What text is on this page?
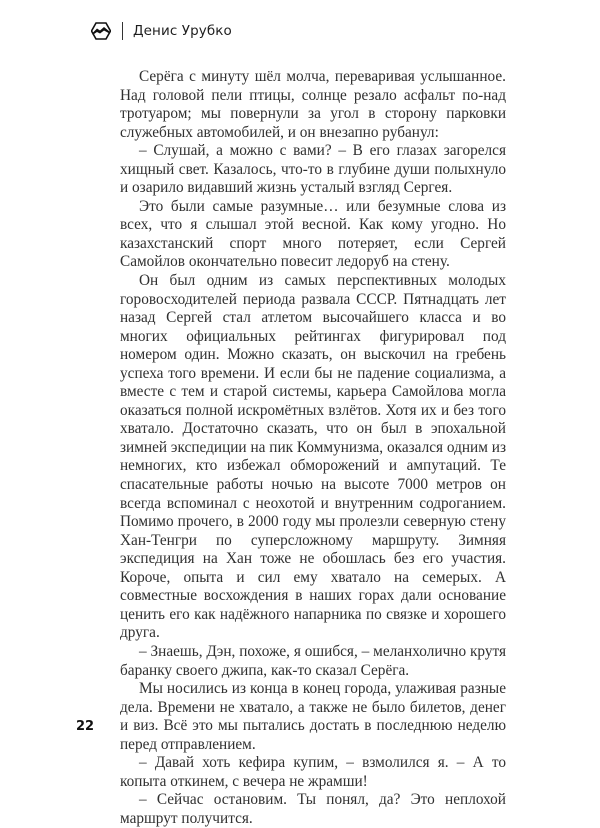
Денис Урубко

Серёга с минуту шёл молча, переваривая услышанное. Над головой пели птицы, солнце резало асфальт по-над тротуаром; мы повернули за угол в сторону парковки служебных автомобилей, и он внезапно рубанул:

– Слушай, а можно с вами? – В его глазах загорелся хищный свет. Казалось, что-то в глубине души полыхнуло и озарило видавший жизнь усталый взгляд Сергея.

Это были самые разумные… или безумные слова из всех, что я слышал этой весной. Как кому угодно. Но казахстанский спорт много потеряет, если Сергей Самойлов окончательно повесит ледоруб на стену.

Он был одним из самых перспективных молодых горовосходителей периода развала СССР. Пятнадцать лет назад Сергей стал атлетом высочайшего класса и во многих официальных рейтингах фигурировал под номером один. Можно сказать, он выскочил на гребень успеха того времени. И если бы не падение социализма, а вместе с тем и старой системы, карьера Самойлова могла оказаться полной искромётных взлётов. Хотя их и без того хватало. Достаточно сказать, что он был в эпохальной зимней экспедиции на пик Коммунизма, оказался одним из немногих, кто избежал обморожений и ампутаций. Те спасательные работы ночью на высоте 7000 метров он всегда вспоминал с неохотой и внутренним содроганием. Помимо прочего, в 2000 году мы пролезли северную стену Хан-Тенгри по суперсложному маршруту. Зимняя экспедиция на Хан тоже не обошлась без его участия. Короче, опыта и сил ему хватало на семерых. А совместные восхождения в наших горах дали основание ценить его как надёжного напарника по связке и хорошего друга.

– Знаешь, Дэн, похоже, я ошибся, – меланхолично крутя баранку своего джипа, как-то сказал Серёга.

Мы носились из конца в конец города, улаживая разные дела. Времени не хватало, а также не было билетов, денег и виз. Всё это мы пытались достать в последнюю неделю перед отправлением.

– Давай хоть кефира купим, – взмолился я. – А то копыта откинем, с вечера не жрамши!

– Сейчас остановим. Ты понял, да? Это неплохой маршрут получится.

22
